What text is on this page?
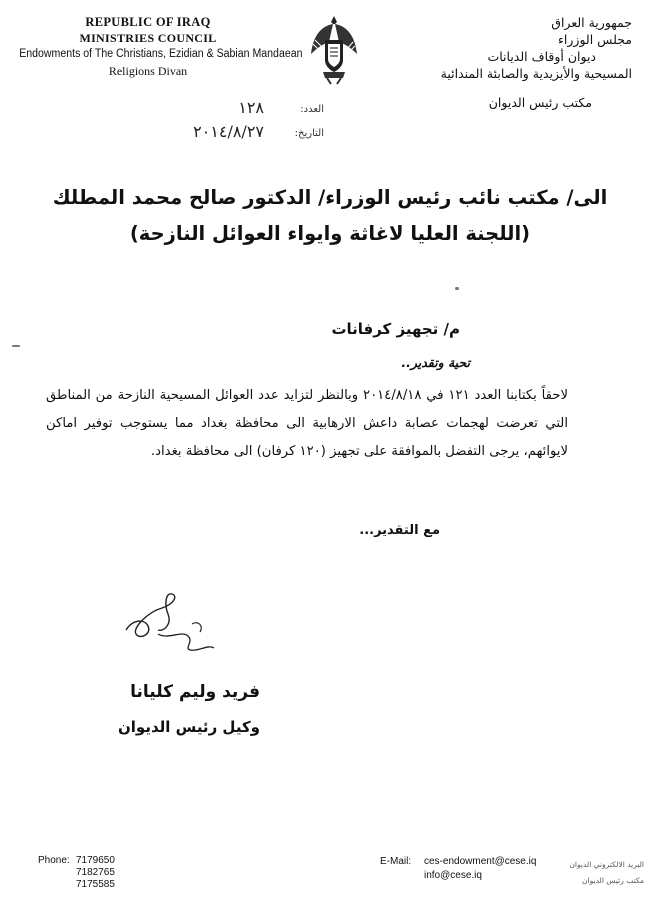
REPUBLIC OF IRAQ
MINISTRIES COUNCIL
Endowments of The Christians, Ezidian & Sabian Mandaean
Religions Divan
جمهورية العراق
مجلس الوزراء
ديوان أوقاف الديانات
المسيحية والأيزيدية والصابئة المندائية
مكتب رئيس الديوان
العدد:
١٢٨
التاريخ:
٢٠١٤/٨/٢٧
الى/ مكتب نائب رئيس الوزراء/ الدكتور صالح محمد المطلك
(اللجنة العليا لاغاثة وايواء العوائل النازحة)
م/ تجهيز كرفانات
تحية وتقدير..
لاحقاً بكتابنا العدد ١٢١ في ٢٠١٤/٨/١٨ وبالنظر لتزايد عدد العوائل المسيحية النازحة من المناطق التي تعرضت لهجمات عصابة داعش الارهابية الى محافظة بغداد مما يستوجب توفير اماكن لايوائهم، يرجى التفضل بالموافقة على تجهيز (١٢٠ كرفان) الى محافظة بغداد.
مع التقدير...
فريد وليم كليانا
وكيل رئيس الديوان
Phone: 7179650
7182765
7175585
E-Mail: ces-endowment@cese.iq
info@cese.iq
البريد الالكتروني الديوان
مكتب رئيس الديوان
